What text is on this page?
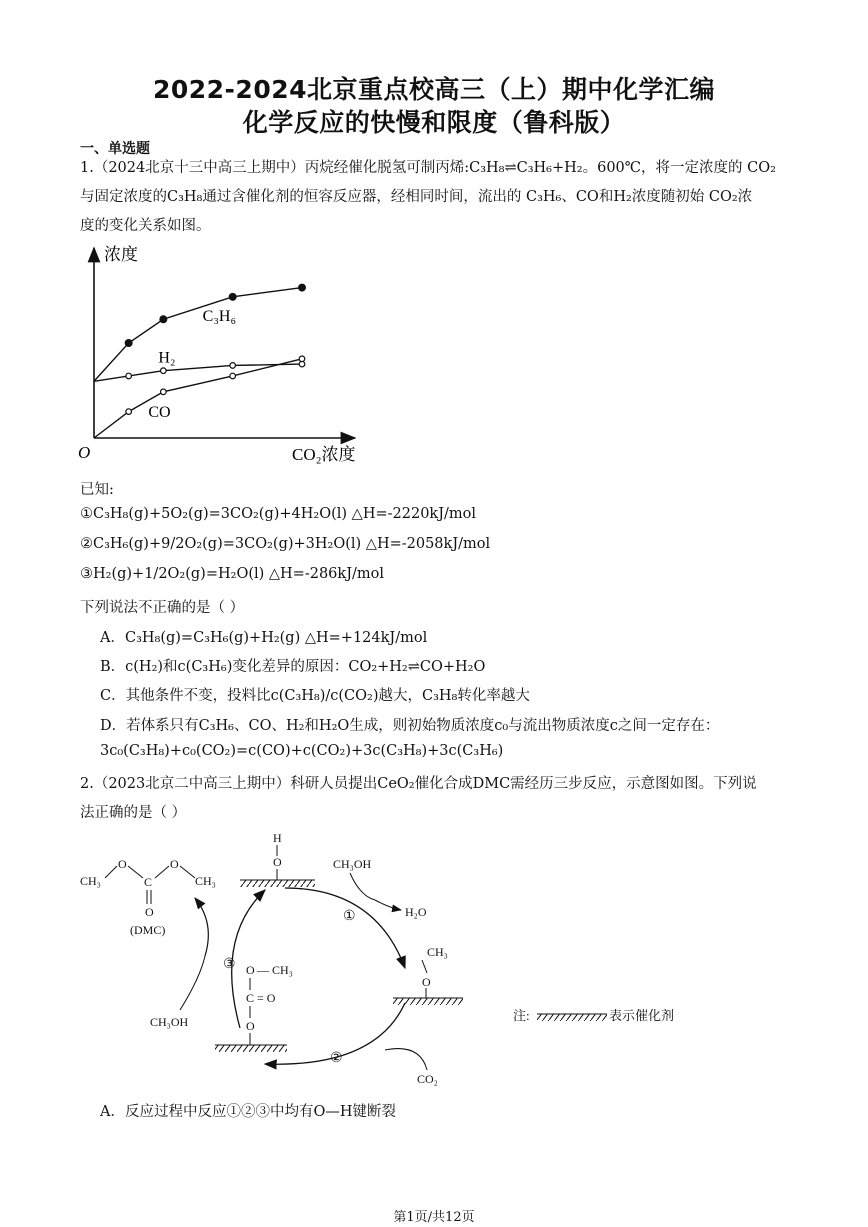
2022-2024北京重点校高三（上）期中化学汇编
化学反应的快慢和限度（鲁科版）
一、单选题
1.（2024北京十三中高三上期中）丙烷经催化脱氢可制丙烯:C₃H₈⇌C₃H₆+H₂。600℃，将一定浓度的 CO₂
与固定浓度的C₃H₈通过含催化剂的恒容反应器，经相同时间，流出的 C₃H₆、CO和H₂浓度随初始 CO₂浓
度的变化关系如图。
浓度
O	CO₂浓度
C₃H₆
H₂
CO
已知:
①C₃H₈(g)+5O₂(g)=3CO₂(g)+4H₂O(l) △H=-2220kJ/mol
②C₃H₆(g)+9/2O₂(g)=3CO₂(g)+3H₂O(l) △H=-2058kJ/mol
③H₂(g)+1/2O₂(g)=H₂O(l) △H=-286kJ/mol
下列说法不正确的是（ ）
A．C₃H₈(g)=C₃H₆(g)+H₂(g) △H=+124kJ/mol
B．c(H₂)和c(C₃H₆)变化差异的原因：CO₂+H₂⇌CO+H₂O
C．其他条件不变，投料比c(C₃H₈)/c(CO₂)越大，C₃H₈转化率越大
D．若体系只有C₃H₆、CO、H₂和H₂O生成，则初始物质浓度c₀与流出物质浓度c之间一定存在：
3c₀(C₃H₈)+c₀(CO₂)=c(CO)+c(CO₂)+3c(C₃H₈)+3c(C₃H₆)
2.（2023北京二中高三上期中）科研人员提出CeO₂催化合成DMC需经历三步反应，示意图如图。下列说
法正确的是（ ）
CH₃
O
C
O
CH₃
O
(DMC)
H
O	CH₃OH
H₂O
①
②
③
CH₃
O
O — CH₃
C = O
O
CH₃OH
CO₂
注:	表示催化剂
A．反应过程中反应①②③中均有O—H键断裂
第1页/共12页
